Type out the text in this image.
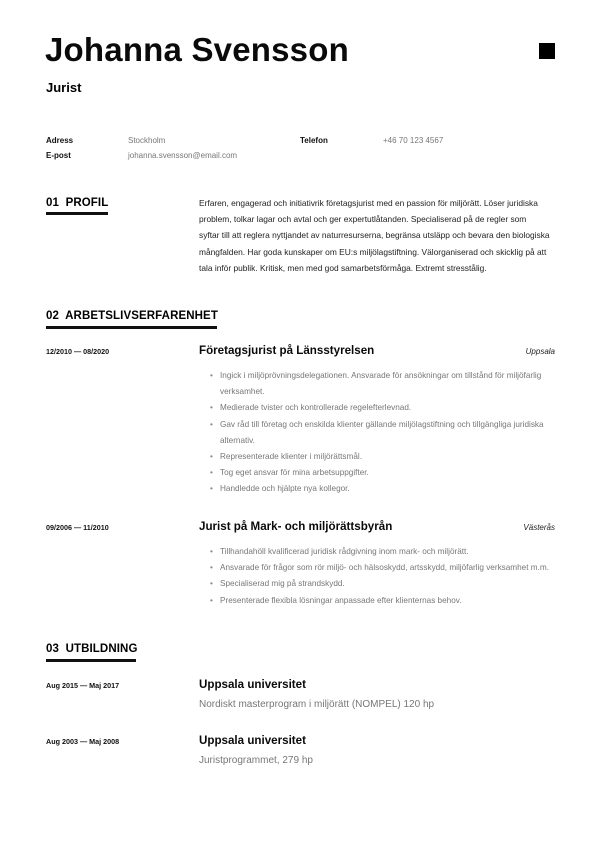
Johanna Svensson
Jurist
Adress	Stockholm	Telefon	+46 70 123 4567
E-post	johanna.svensson@email.com
01  PROFIL	Erfaren, engagerad och initiativrik företagsjurist med en passion för miljörätt. Löser juridiska
problem, tolkar lagar och avtal och ger expertutlåtanden. Specialiserad på de regler som
syftar till att reglera nyttjandet av naturresurserna, begränsa utsläpp och bevara den biologiska
mångfalden. Har goda kunskaper om EU:s miljölagstiftning. Välorganiserad och skicklig på att
tala inför publik. Kritisk, men med god samarbetsförmåga. Extremt stresstålig.
02  ARBETSLIVSERFARENHET
12/2010 — 08/2020	Företagsjurist på Länsstyrelsen	Uppsala
• Ingick i miljöprövningsdelegationen. Ansvarade för ansökningar om tillstånd för miljöfarlig verksamhet.
• Medierade tvister och kontrollerade regelefterlevnad.
• Gav råd till företag och enskilda klienter gällande miljölagstiftning och tillgängliga juridiska alternativ.
• Representerade klienter i miljörättsmål.
• Tog eget ansvar för mina arbetsuppgifter.
• Handledde och hjälpte nya kollegor.
09/2006 — 11/2010	Jurist på Mark- och miljörättsbyrån	Västerås
• Tillhandahöll kvalificerad juridisk rådgivning inom mark- och miljörätt.
• Ansvarade för frågor som rör miljö- och hälsoskydd, artsskydd, miljöfarlig verksamhet m.m.
• Specialiserad mig på strandskydd.
• Presenterade flexibla lösningar anpassade efter klienternas behov.
03  UTBILDNING
Aug 2015 — Maj 2017	Uppsala universitet
Nordiskt masterprogram i miljörätt (NOMPEL) 120 hp
Aug 2003 — Maj 2008	Uppsala universitet
Juristprogrammet, 279 hp
